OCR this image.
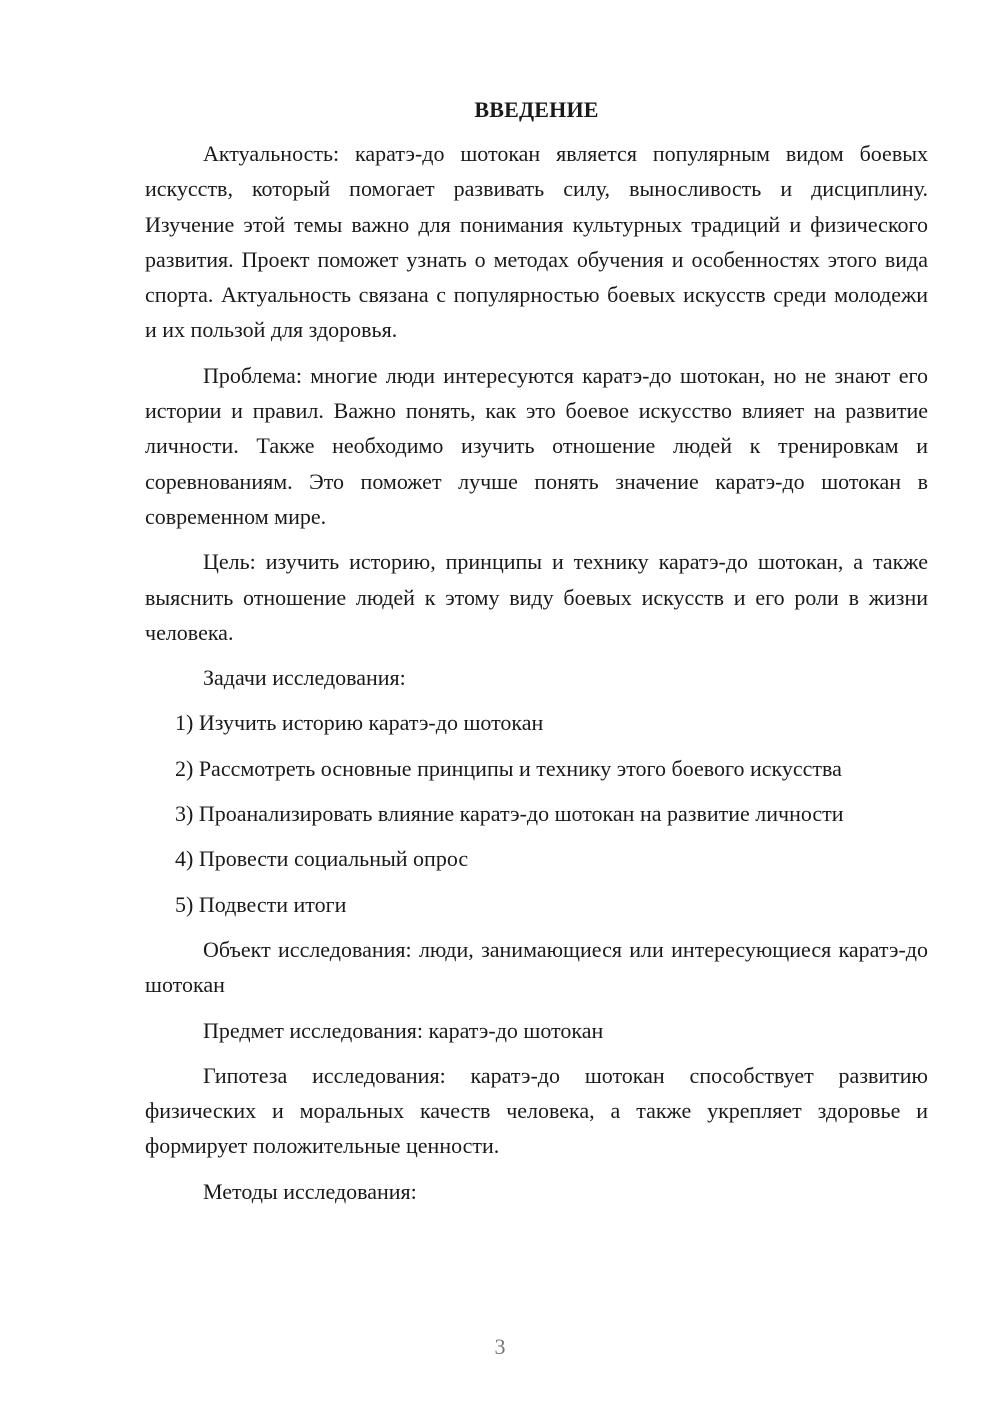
ВВЕДЕНИЕ

Актуальность: каратэ-до шотокан является популярным видом боевых искусств, который помогает развивать силу, выносливость и дисциплину. Изучение этой темы важно для понимания культурных традиций и физического развития. Проект поможет узнать о методах обучения и особенностях этого вида спорта. Актуальность связана с популярностью боевых искусств среди молодежи и их пользой для здоровья.

Проблема: многие люди интересуются каратэ-до шотокан, но не знают его истории и правил. Важно понять, как это боевое искусство влияет на развитие личности. Также необходимо изучить отношение людей к тренировкам и соревнованиям. Это поможет лучше понять значение каратэ-до шотокан в современном мире.

Цель: изучить историю, принципы и технику каратэ-до шотокан, а также выяснить отношение людей к этому виду боевых искусств и его роли в жизни человека.

Задачи исследования:

1) Изучить историю каратэ-до шотокан

2) Рассмотреть основные принципы и технику этого боевого искусства

3) Проанализировать влияние каратэ-до шотокан на развитие личности

4) Провести социальный опрос

5) Подвести итоги

Объект исследования: люди, занимающиеся или интересующиеся каратэ-до шотокан

Предмет исследования: каратэ-до шотокан

Гипотеза исследования: каратэ-до шотокан способствует развитию физических и моральных качеств человека, а также укрепляет здоровье и формирует положительные ценности.

Методы исследования:

3
